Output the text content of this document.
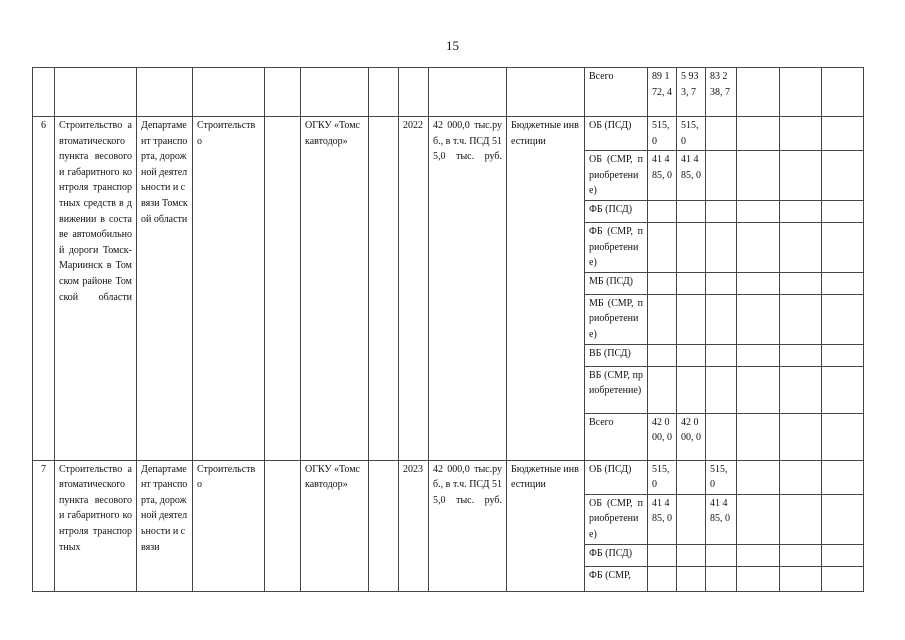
15
										Всего	89 172, 4	5 933, 7	83 238, 7			
6	Строительство автоматического пункта весового и габаритного контроля транспортных средств в движении в составе автомобильной дороги Томск-Мариинск в Томском районе Томской области	Департамент транспорта, дорожной деятельности и связи Томской области	Строительство		ОГКУ «Томскавтодор»		2022	42 000,0 тыс.руб., в т.ч. ПСД 515,0 тыс. руб.	Бюджетные инвестиции	ОБ (ПСД)	515, 0	515, 0				
										ОБ (СМР, приобретение)	41 485, 0	41 485, 0				
										ФБ (ПСД)						
										ФБ (СМР, приобретение)						
										МБ (ПСД)						
										МБ (СМР, приобретение)						
										ВБ (ПСД)						
										ВБ (СМР, приобретение)						
										Всего	42 000, 0	42 000, 0				
7	Строительство автоматического пункта весового и габаритного контроля транспортных	Департамент транспорта, дорожной деятельности и связи	Строительство		ОГКУ «Томскавтодор»		2023	42 000,0 тыс.руб., в т.ч. ПСД 515,0 тыс. руб.	Бюджетные инвестиции	ОБ (ПСД)	515, 0		515, 0			
										ОБ (СМР, приобретение)	41 485, 0		41 485, 0			
										ФБ (ПСД)						
										ФБ (СМР,						
